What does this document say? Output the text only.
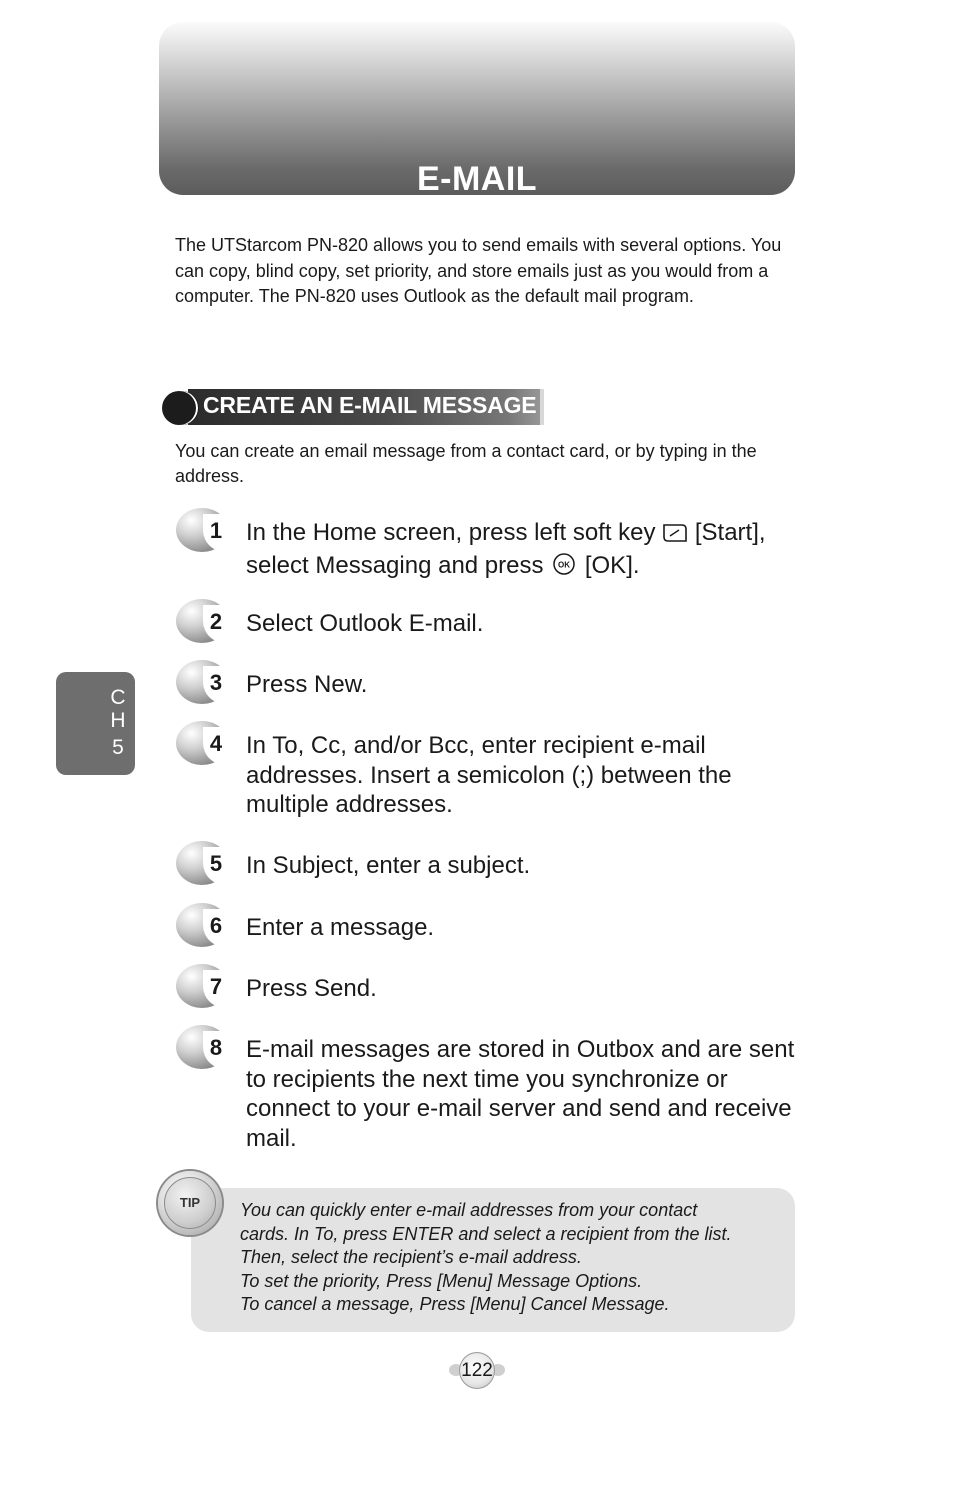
E-MAIL
The UTStarcom PN-820 allows you to send emails with several options. You can copy, blind copy, set priority, and store emails just as you would from a computer. The PN-820 uses Outlook as the default mail program.
CREATE AN E-MAIL MESSAGE
You can create an email message from a contact card, or by typing in the address.
1 In the Home screen, press left soft key [Start], select Messaging and press OK [OK].
2 Select Outlook E-mail.
3 Press New.
4 In To, Cc, and/or Bcc, enter recipient e-mail addresses. Insert a semicolon (;) between the multiple addresses.
5 In Subject, enter a subject.
6 Enter a message.
7 Press Send.
8 E-mail messages are stored in Outbox and are sent to recipients the next time you synchronize or connect to your e-mail server and send and receive mail.
C
H
5
You can quickly enter e-mail addresses from your contact
cards. In To, press ENTER and select a recipient from the list.
Then, select the recipient’s e-mail address.
To set the priority, Press [Menu] Message Options.
To cancel a message, Press [Menu] Cancel Message.
TIP
122
